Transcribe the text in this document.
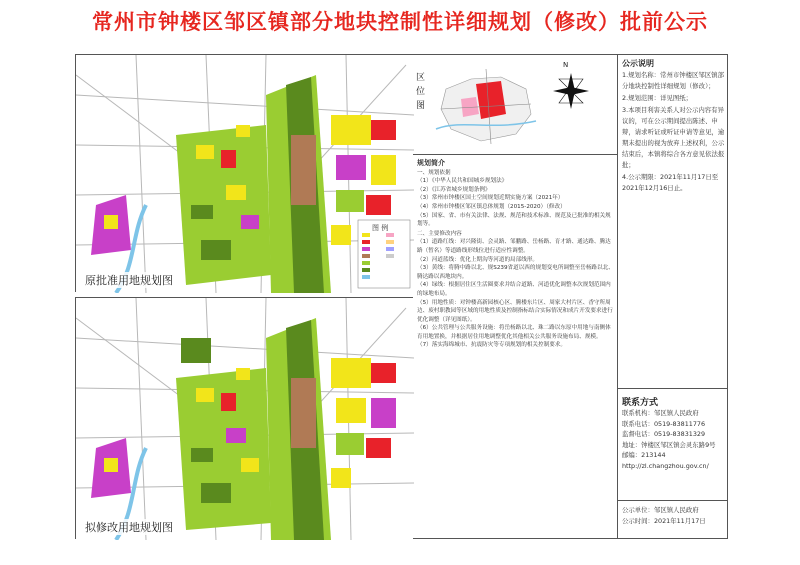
常州市钟楼区邹区镇部分地块控制性详细规划（修改）批前公示
图 例
原批准用地规划图
拟修改用地规划图
区位图
N
规划简介
一、规划依据
（1）《中华人民共和国城乡规划法》
（2）《江苏省城乡规划条例》
（3）常州市钟楼区国土空间规划近期实施方案（2021年）
（4）常州市钟楼区邹区镇总体规划（2015-2020）（修改）
（5）国家、省、市有关法律、法规、规范和技术标准、规范及已批准的相关规划等。
二、主要修改内容
（1）道路红线：对兴隆街、会灵路、邹鹏路、岳杨路、育才路、通达路、腾达路（暂名）等道路线形线位进行适应性调整。
（2）河道蓝线：优化上期沟等河道的局部线形。
（3）黄线：将腾中路以北、规S239省道以西的规划变电所调整至岳杨路以北、腾达路以西地块内。
（4）绿线：根据居住区生活圈要求并结合道路、河道优化调整本次规划范围内的绿地布局。
（5）用地性质：对钟楼高新园核心区、腾楼东片区、周家大村片区、香守所周边、废村职教园等区域的用地性质及控制指标结合实际情况和成片开发要求进行优化调整（详见图纸）。
（6）公共管理与公共服务设施：将岳杨路以北、珠二路以东原中用地与南侧体育用地置换，并根据居住用地调整优化其他相关公共服务设施布局、规模。
（7）落实海绵城市、抗震防灾等专项规划的相关控制要求。
公示说明

1.规划名称：常州市钟楼区邹区镇部分地块控制性详细规划（修改）；

2.规划范围：详见图纸；

3.本项目利害关系人对公示内容有异议的，可在公示期间提出陈述、申辩，请求听证或听证申请等意见，逾期未提出的视为放弃上述权利，公示结束后，本镇将综合各方意见依法报批；

4.公示期限：2021年11月17日至2021年12月16日止。

联系方式
联系机构：邹区镇人民政府
联系电话：0519-83811776
监督电话：0519-83831329
地址：钟楼区邹区镇会灵东路9号
邮编：213144
http://zl.changzhou.gov.cn/
公示单位：邹区镇人民政府
公示时间：2021年11月17日
